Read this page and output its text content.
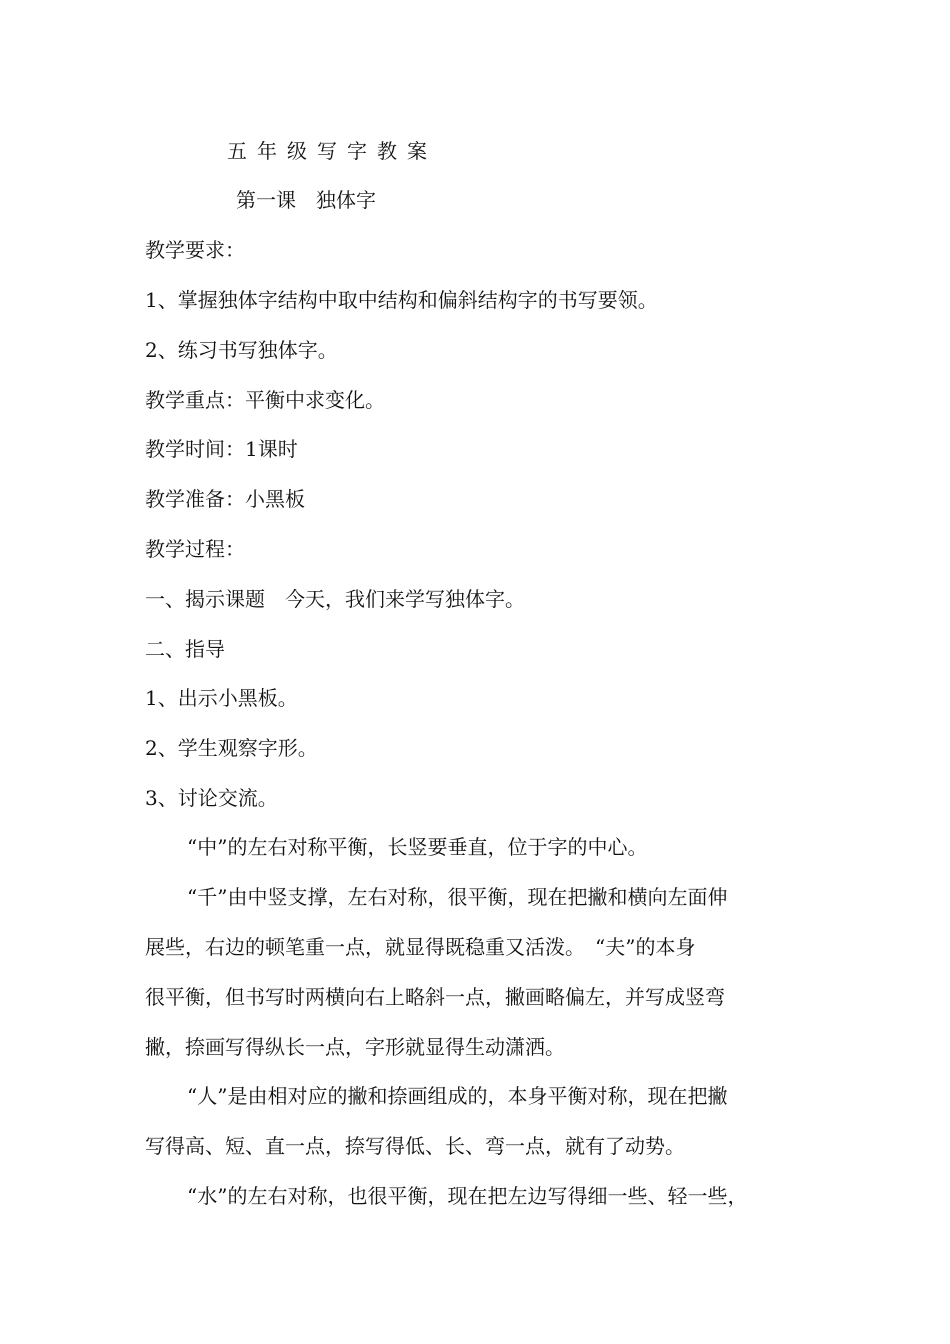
五年级写字教案
第一课　独体字
教学要求：
1、掌握独体字结构中取中结构和偏斜结构字的书写要领。
2、练习书写独体字。
教学重点：平衡中求变化。
教学时间：1课时
教学准备：小黑板
教学过程：
一、揭示课题　今天，我们来学写独体字。
二、指导
1、出示小黑板。
2、学生观察字形。
3、讨论交流。
“中”的左右对称平衡，长竖要垂直，位于字的中心。
“千”由中竖支撑，左右对称，很平衡，现在把撇和横向左面伸
展些，右边的顿笔重一点，就显得既稳重又活泼。　“夫”的本身
很平衡，但书写时两横向右上略斜一点，撇画略偏左，并写成竖弯
撇，捺画写得纵长一点，字形就显得生动潇洒。
“人”是由相对应的撇和捺画组成的，本身平衡对称，现在把撇
写得高、短、直一点，捺写得低、长、弯一点，就有了动势。
“水”的左右对称，也很平衡，现在把左边写得细一些、轻一些，
